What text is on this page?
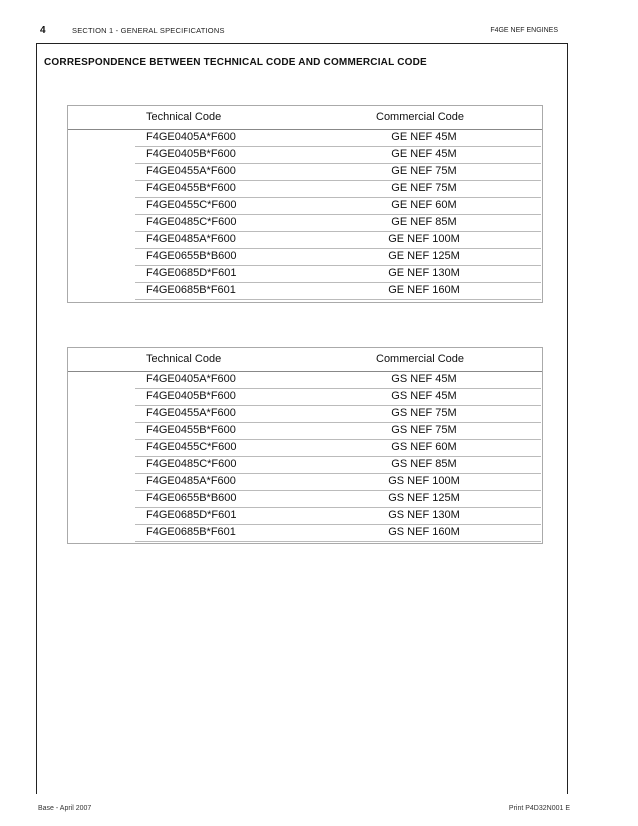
4	SECTION 1 - GENERAL SPECIFICATIONS	F4GE NEF ENGINES
CORRESPONDENCE BETWEEN TECHNICAL CODE AND COMMERCIAL CODE
Technical Code	Commercial Code
F4GE0405A*F600	GE NEF 45M
F4GE0405B*F600	GE NEF 45M
F4GE0455A*F600	GE NEF 75M
F4GE0455B*F600	GE NEF 75M
F4GE0455C*F600	GE NEF 60M
F4GE0485C*F600	GE NEF 85M
F4GE0485A*F600	GE NEF 100M
F4GE0655B*B600	GE NEF 125M
F4GE0685D*F601	GE NEF 130M
F4GE0685B*F601	GE NEF 160M
Technical Code	Commercial Code
F4GE0405A*F600	GS NEF 45M
F4GE0405B*F600	GS NEF 45M
F4GE0455A*F600	GS NEF 75M
F4GE0455B*F600	GS NEF 75M
F4GE0455C*F600	GS NEF 60M
F4GE0485C*F600	GS NEF 85M
F4GE0485A*F600	GS NEF 100M
F4GE0655B*B600	GS NEF 125M
F4GE0685D*F601	GS NEF 130M
F4GE0685B*F601	GS NEF 160M
Base - April 2007	Print P4D32N001 E
